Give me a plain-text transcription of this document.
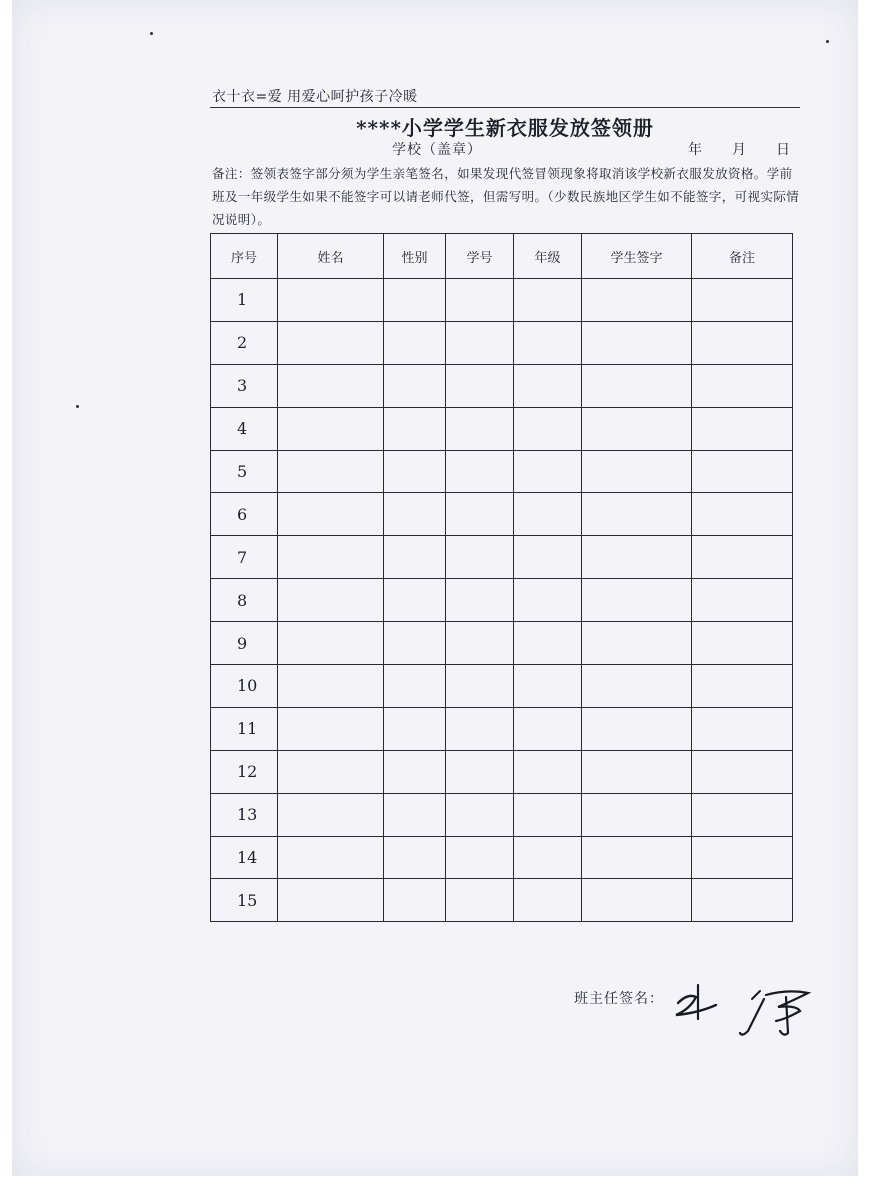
衣十衣=爱 用爱心呵护孩子冷暖
****小学学生新衣服发放签领册
学校（盖章）	年 月 日
备注：签领表签字部分须为学生亲笔签名，如果发现代签冒领现象将取消该学校新衣服发放资格。学前班及一年级学生如果不能签字可以请老师代签，但需写明。（少数民族地区学生如不能签字，可视实际情况说明）。
序号	姓名	性别	学号	年级	学生签字	备注
1						
2						
3						
4						
5						
6						
7						
8						
9						
10						
11						
12						
13						
14						
15						
班主任签名：
